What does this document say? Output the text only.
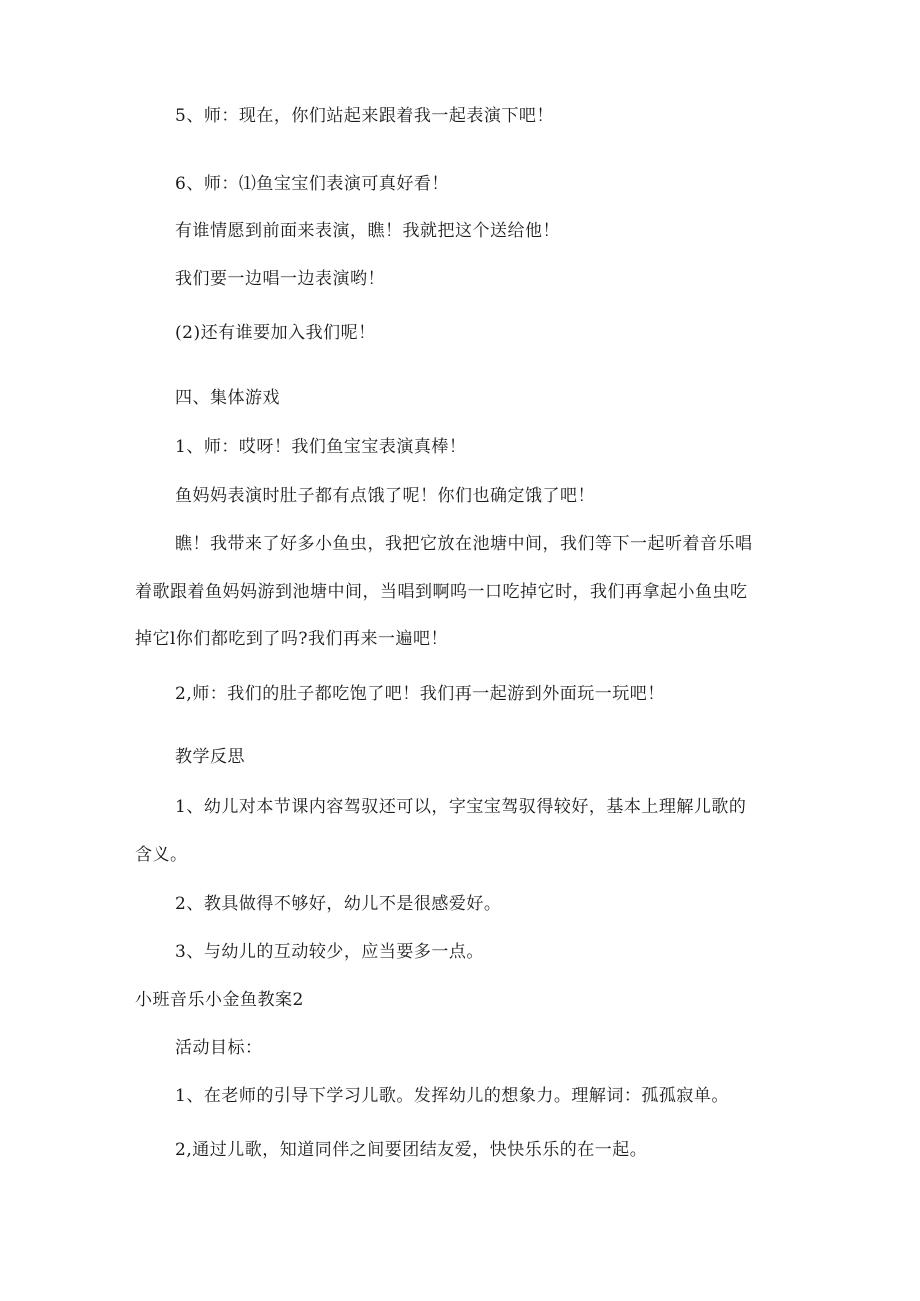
5、师：现在，你们站起来跟着我一起表演下吧！
6、师：⑴鱼宝宝们表演可真好看！
有谁情愿到前面来表演，瞧！我就把这个送给他！
我们要一边唱一边表演哟！
(2)还有谁要加入我们呢！
四、集体游戏
1、师：哎呀！我们鱼宝宝表演真棒！
鱼妈妈表演时肚子都有点饿了呢！你们也确定饿了吧！
瞧！我带来了好多小鱼虫，我把它放在池塘中间，我们等下一起听着音乐唱
着歌跟着鱼妈妈游到池塘中间，当唱到啊呜一口吃掉它时，我们再拿起小鱼虫吃
掉它l你们都吃到了吗?我们再来一遍吧！
2,师：我们的肚子都吃饱了吧！我们再一起游到外面玩一玩吧！
教学反思
1、幼儿对本节课内容驾驭还可以，字宝宝驾驭得较好，基本上理解儿歌的
含义。
2、教具做得不够好，幼儿不是很感爱好。
3、与幼儿的互动较少，应当要多一点。
小班音乐小金鱼教案2
活动目标：
1、在老师的引导下学习儿歌。发挥幼儿的想象力。理解词：孤孤寂单。
2,通过儿歌，知道同伴之间要团结友爱，快快乐乐的在一起。
